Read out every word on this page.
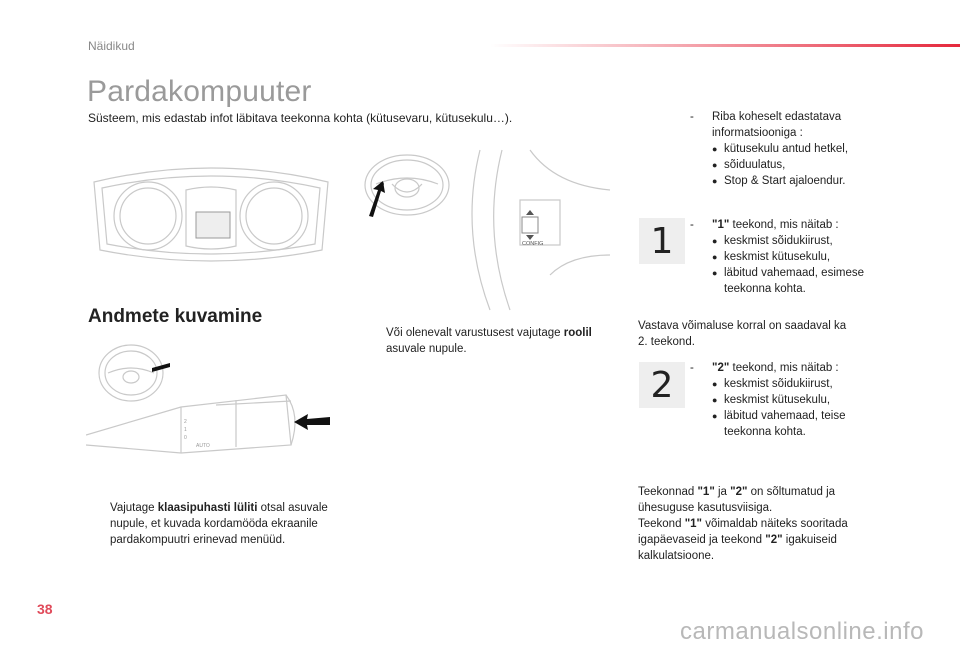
Näidikud
Pardakompuuter
Süsteem, mis edastab infot läbitava teekonna kohta (kütusevaru, kütusekulu…).
CONFIG
Andmete kuvamine
2
1
0
AUTO
Vajutage klaasipuhasti lüliti otsal asuvale nupule, et kuvada kordamööda ekraanile pardakompuutri erinevad menüüd.
Või olenevalt varustusest vajutage roolil asuvale nupule.
-	Riba koheselt edastatava informatsiooniga :
● kütusekulu antud hetkel,
● sõiduulatus,
● Stop & Start ajaloendur.
1	-	"1" teekond, mis näitab :
● keskmist sõidukiirust,
● keskmist kütusekulu,
● läbitud vahemaad, esimese teekonna kohta.
Vastava võimaluse korral on saadaval ka 2. teekond.
2	-	"2" teekond, mis näitab :
● keskmist sõidukiirust,
● keskmist kütusekulu,
● läbitud vahemaad, teise teekonna kohta.
Teekonnad "1" ja "2" on sõltumatud ja ühesuguse kasutusviisiga.
Teekond "1" võimaldab näiteks sooritada igapäevaseid ja teekond "2" igakuiseid kalkulatsioone.
38
carmanualsonline.info
